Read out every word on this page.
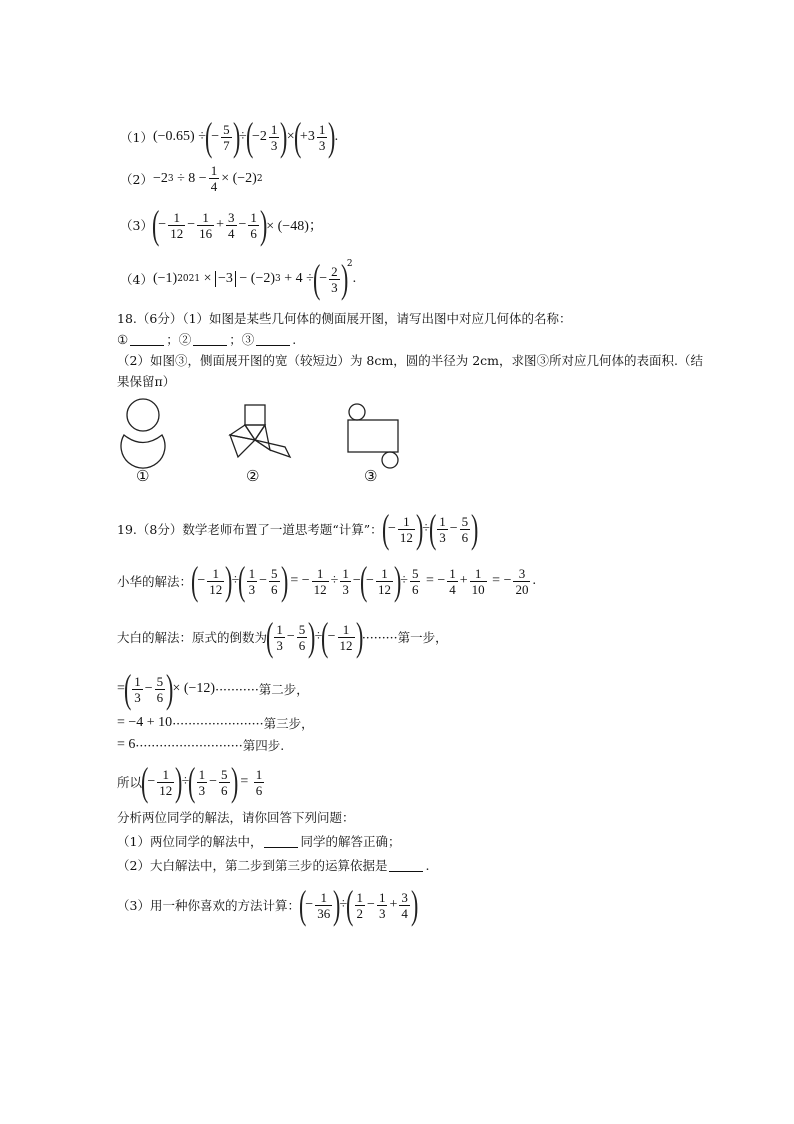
（1） (−0.65)
÷
(
− $\frac{5}{7}$ )
÷
(
$-2 \frac{1}{3}$ )
×
(
$+3 \frac{1}{3}$ )
.
（2） −2 3
÷ $8 - \frac{1}{4} \times (-2)$ 2
（3）
(
− $\frac{1}{12} - \frac{1}{16} + \frac{3}{4} - \frac{1}{6}$ )
× (−48)；
（4） (−1) 2021
×
−3
− (−2) 3
+ 4 ÷
(
− $\frac{2}{3}$ )
2
.
18.（6分）（1）如图是某些几何体的侧面展开图，请写出图中对应几何体的名称：
①	；②	；③	.
（2）如图③，侧面展开图的宽（较短边）为 8cm，圆的半径为 2cm，求图③所对应几何体的表面积.（结
果保留π）
①	②	③
19.（8分）数学老师布置了一道思考题“计算”：
(
− $\frac{1}{12}$ )
÷
( $\frac{1}{3} - \frac{5}{6}$ )
小华的解法：
(
− $\frac{1}{12}$ )
÷
( $\frac{1}{3} - \frac{5}{6}$ )
= − $\frac{1}{12} \div \frac{1}{3}$ −
(
− $\frac{1}{12}$ )
÷ $\frac{5}{6}$ = − $\frac{1}{4} + \frac{1}{10}$ = − $\frac{3}{20}$ .
大白的解法：原式的倒数为
( $\frac{1}{3} - \frac{5}{6}$ )
÷
(
− $\frac{1}{12}$ )
·········第一步，
=
( $\frac{1}{3} - \frac{5}{6}$ )
× (−12) ···········第二步，
= −4 + 10 ·······················第三步，
= 6 ···························第四步.
所以
(
− $\frac{1}{12}$ )
÷
( $\frac{1}{3} - \frac{5}{6}$ )
= $\frac{1}{6}$
分析两位同学的解法，请你回答下列问题：
（1）两位同学的解法中，	同学的解答正确；
（2）大白解法中，第二步到第三步的运算依据是	.
（3）用一种你喜欢的方法计算：
(
− $\frac{1}{36}$ )
÷
( $\frac{1}{2} - \frac{1}{3} + \frac{3}{4}$ )
